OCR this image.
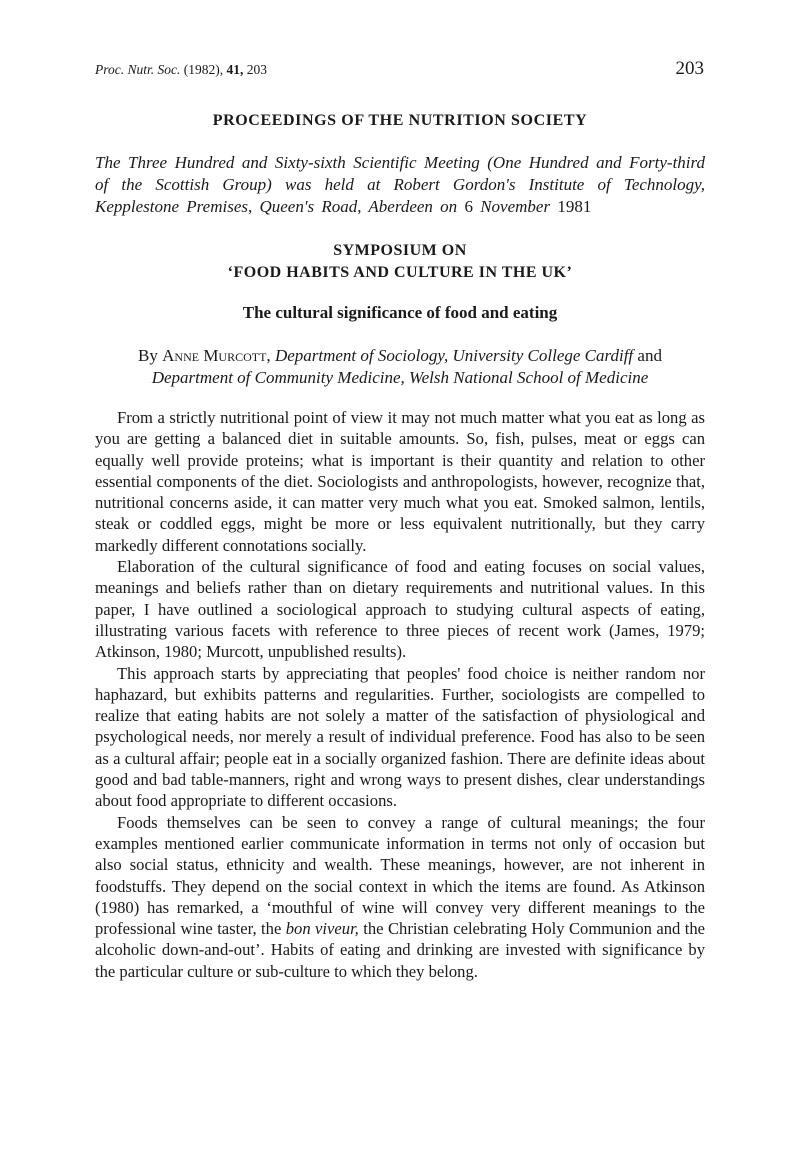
Proc. Nutr. Soc. (1982), 41, 203	203
PROCEEDINGS OF THE NUTRITION SOCIETY
The Three Hundred and Sixty-sixth Scientific Meeting (One Hundred and Forty-third of the Scottish Group) was held at Robert Gordon's Institute of Technology, Kepplestone Premises, Queen's Road, Aberdeen on 6 November 1981
SYMPOSIUM ON
‘FOOD HABITS AND CULTURE IN THE UK’
The cultural significance of food and eating
By Anne Murcott, Department of Sociology, University College Cardiff and
Department of Community Medicine, Welsh National School of Medicine

From a strictly nutritional point of view it may not much matter what you eat as long as you are getting a balanced diet in suitable amounts. So, fish, pulses, meat or eggs can equally well provide proteins; what is important is their quantity and relation to other essential components of the diet. Sociologists and anthropologists, however, recognize that, nutritional concerns aside, it can matter very much what you eat. Smoked salmon, lentils, steak or coddled eggs, might be more or less equivalent nutritionally, but they carry markedly different connotations socially.

Elaboration of the cultural significance of food and eating focuses on social values, meanings and beliefs rather than on dietary requirements and nutritional values. In this paper, I have outlined a sociological approach to studying cultural aspects of eating, illustrating various facets with reference to three pieces of recent work (James, 1979; Atkinson, 1980; Murcott, unpublished results).

This approach starts by appreciating that peoples' food choice is neither random nor haphazard, but exhibits patterns and regularities. Further, sociologists are compelled to realize that eating habits are not solely a matter of the satisfaction of physiological and psychological needs, nor merely a result of individual preference. Food has also to be seen as a cultural affair; people eat in a socially organized fashion. There are definite ideas about good and bad table-manners, right and wrong ways to present dishes, clear understandings about food appropriate to different occasions.

Foods themselves can be seen to convey a range of cultural meanings; the four examples mentioned earlier communicate information in terms not only of occasion but also social status, ethnicity and wealth. These meanings, however, are not inherent in foodstuffs. They depend on the social context in which the items are found. As Atkinson (1980) has remarked, a ‘mouthful of wine will convey very different meanings to the professional wine taster, the bon viveur, the Christian celebrating Holy Communion and the alcoholic down-and-out’. Habits of eating and drinking are invested with significance by the particular culture or sub-culture to which they belong.
